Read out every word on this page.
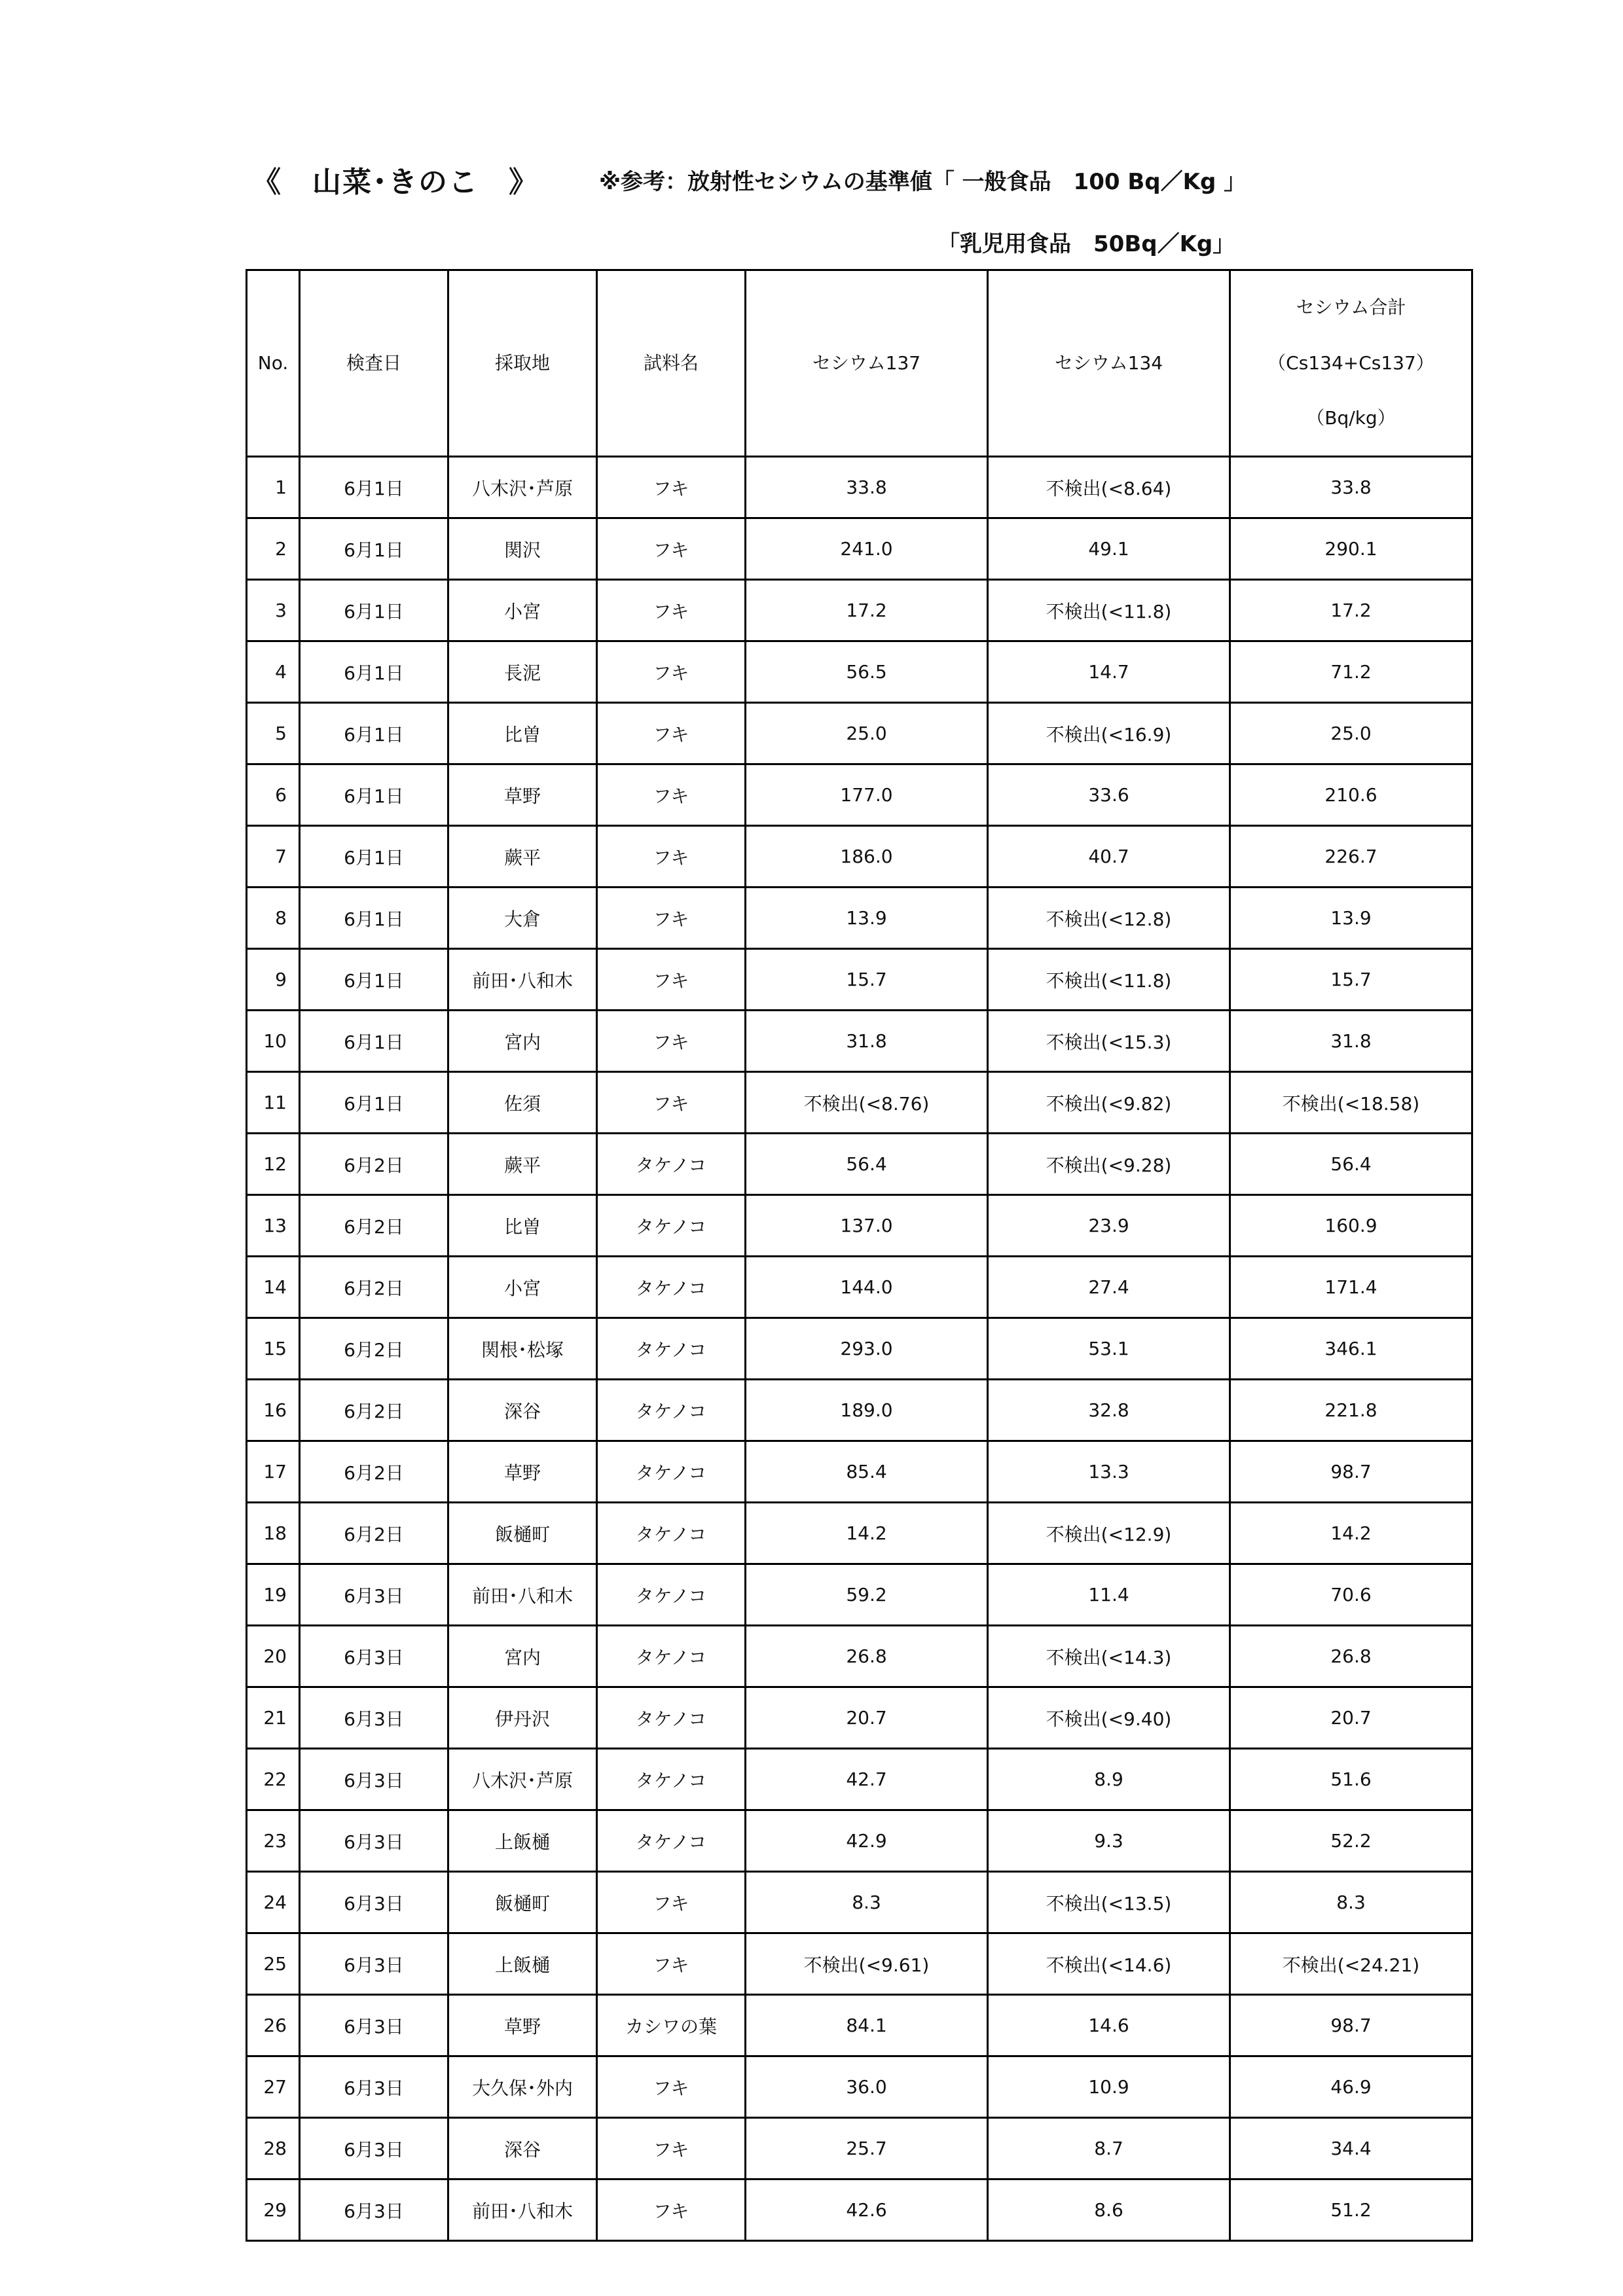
《　山菜･きのこ　》	※参考：放射性セシウムの基準値「 一般食品　100 Bq／Kg 」
「乳児用食品　50Bq／Kg」
No.	検査日	採取地	試料名	セシウム137	セシウム134	セシウム合計
（Cs134+Cs137）
（Bq/kg）

1	6月1日	八木沢･芦原	フキ	33.8	不検出(<8.64)	33.8
2	6月1日	関沢	フキ	241.0	49.1	290.1
3	6月1日	小宮	フキ	17.2	不検出(<11.8)	17.2
4	6月1日	長泥	フキ	56.5	14.7	71.2
5	6月1日	比曽	フキ	25.0	不検出(<16.9)	25.0
6	6月1日	草野	フキ	177.0	33.6	210.6
7	6月1日	蕨平	フキ	186.0	40.7	226.7
8	6月1日	大倉	フキ	13.9	不検出(<12.8)	13.9
9	6月1日	前田･八和木	フキ	15.7	不検出(<11.8)	15.7
10	6月1日	宮内	フキ	31.8	不検出(<15.3)	31.8
11	6月1日	佐須	フキ	不検出(<8.76)	不検出(<9.82)	不検出(<18.58)
12	6月2日	蕨平	タケノコ	56.4	不検出(<9.28)	56.4
13	6月2日	比曽	タケノコ	137.0	23.9	160.9
14	6月2日	小宮	タケノコ	144.0	27.4	171.4
15	6月2日	関根･松塚	タケノコ	293.0	53.1	346.1
16	6月2日	深谷	タケノコ	189.0	32.8	221.8
17	6月2日	草野	タケノコ	85.4	13.3	98.7
18	6月2日	飯樋町	タケノコ	14.2	不検出(<12.9)	14.2
19	6月3日	前田･八和木	タケノコ	59.2	11.4	70.6
20	6月3日	宮内	タケノコ	26.8	不検出(<14.3)	26.8
21	6月3日	伊丹沢	タケノコ	20.7	不検出(<9.40)	20.7
22	6月3日	八木沢･芦原	タケノコ	42.7	8.9	51.6
23	6月3日	上飯樋	タケノコ	42.9	9.3	52.2
24	6月3日	飯樋町	フキ	8.3	不検出(<13.5)	8.3
25	6月3日	上飯樋	フキ	不検出(<9.61)	不検出(<14.6)	不検出(<24.21)
26	6月3日	草野	カシワの葉	84.1	14.6	98.7
27	6月3日	大久保･外内	フキ	36.0	10.9	46.9
28	6月3日	深谷	フキ	25.7	8.7	34.4
29	6月3日	前田･八和木	フキ	42.6	8.6	51.2
